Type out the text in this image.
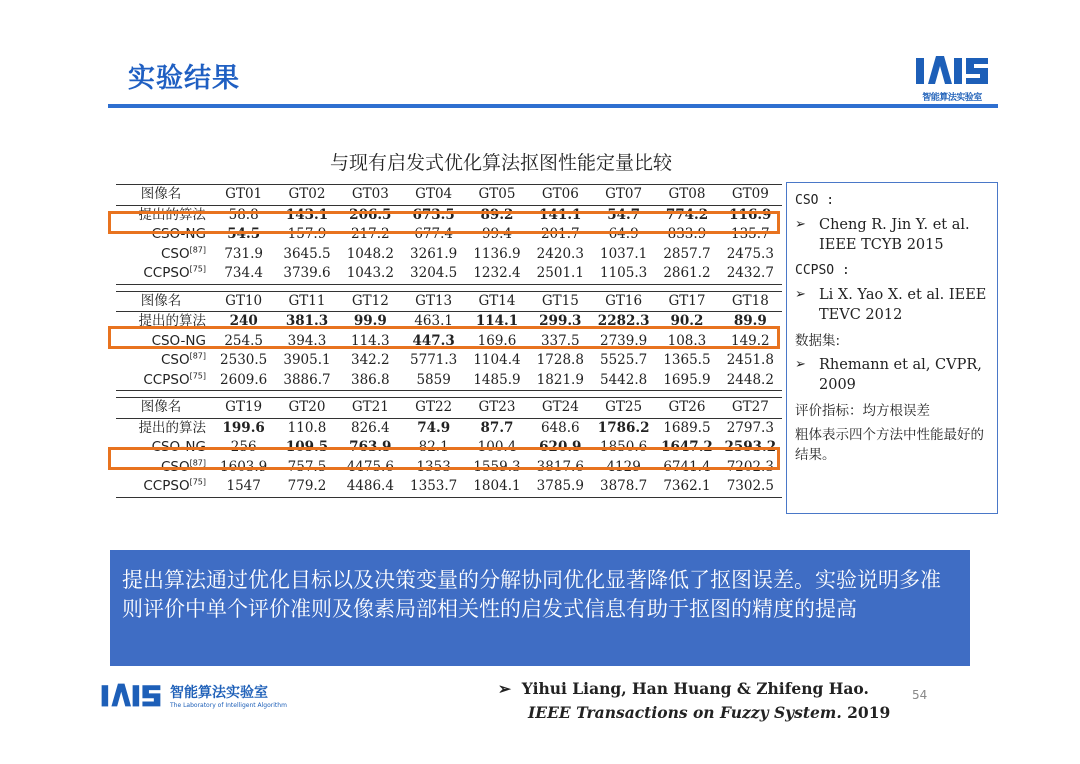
实验结果
智能算法实验室
与现有启发式优化算法抠图性能定量比较
图像名	GT01	GT02	GT03	GT04	GT05	GT06	GT07	GT08	GT09
提出的算法	58.8	143.1	206.5	673.5	89.2	141.1	54.7	774.2	116.9
CSO-NG	54.5	157.9	217.2	677.4	99.4	201.7	64.9	833.9	135.7
CSO[87]	731.9	3645.5	1048.2	3261.9	1136.9	2420.3	1037.1	2857.7	2475.3
CCPSO[75]	734.4	3739.6	1043.2	3204.5	1232.4	2501.1	1105.3	2861.2	2432.7
图像名	GT10	GT11	GT12	GT13	GT14	GT15	GT16	GT17	GT18
提出的算法	240	381.3	99.9	463.1	114.1	299.3	2282.3	90.2	89.9
CSO-NG	254.5	394.3	114.3	447.3	169.6	337.5	2739.9	108.3	149.2
CSO[87]	2530.5	3905.1	342.2	5771.3	1104.4	1728.8	5525.7	1365.5	2451.8
CCPSO[75]	2609.6	3886.7	386.8	5859	1485.9	1821.9	5442.8	1695.9	2448.2
图像名	GT19	GT20	GT21	GT22	GT23	GT24	GT25	GT26	GT27
提出的算法	199.6	110.8	826.4	74.9	87.7	648.6	1786.2	1689.5	2797.3
CSO-NG	256	109.5	763.9	82.1	100.4	620.9	1850.6	1647.2	2593.2
CSO[87]	1603.9	757.5	4475.6	1353	1559.3	3817.6	4129	6741.4	7202.3
CCPSO[75]	1547	779.2	4486.4	1353.7	1804.1	3785.9	3878.7	7362.1	7302.5
CSO :
➢ Cheng R. Jin Y. et al. IEEE TCYB 2015
CCPSO :
➢ Li X. Yao X. et al. IEEE TEVC 2012
数据集:
➢ Rhemann et al, CVPR, 2009
评价指标：均方根误差
粗体表示四个方法中性能最好的结果。
提出算法通过优化目标以及决策变量的分解协同优化显著降低了抠图误差。实验说明多准则评价中单个评价准则及像素局部相关性的启发式信息有助于抠图的精度的提高
智能算法实验室
The Laboratory of Intelligent Algorithm
➢  Yihui Liang, Han Huang & Zhifeng Hao.
IEEE Transactions on Fuzzy System. 2019
54
